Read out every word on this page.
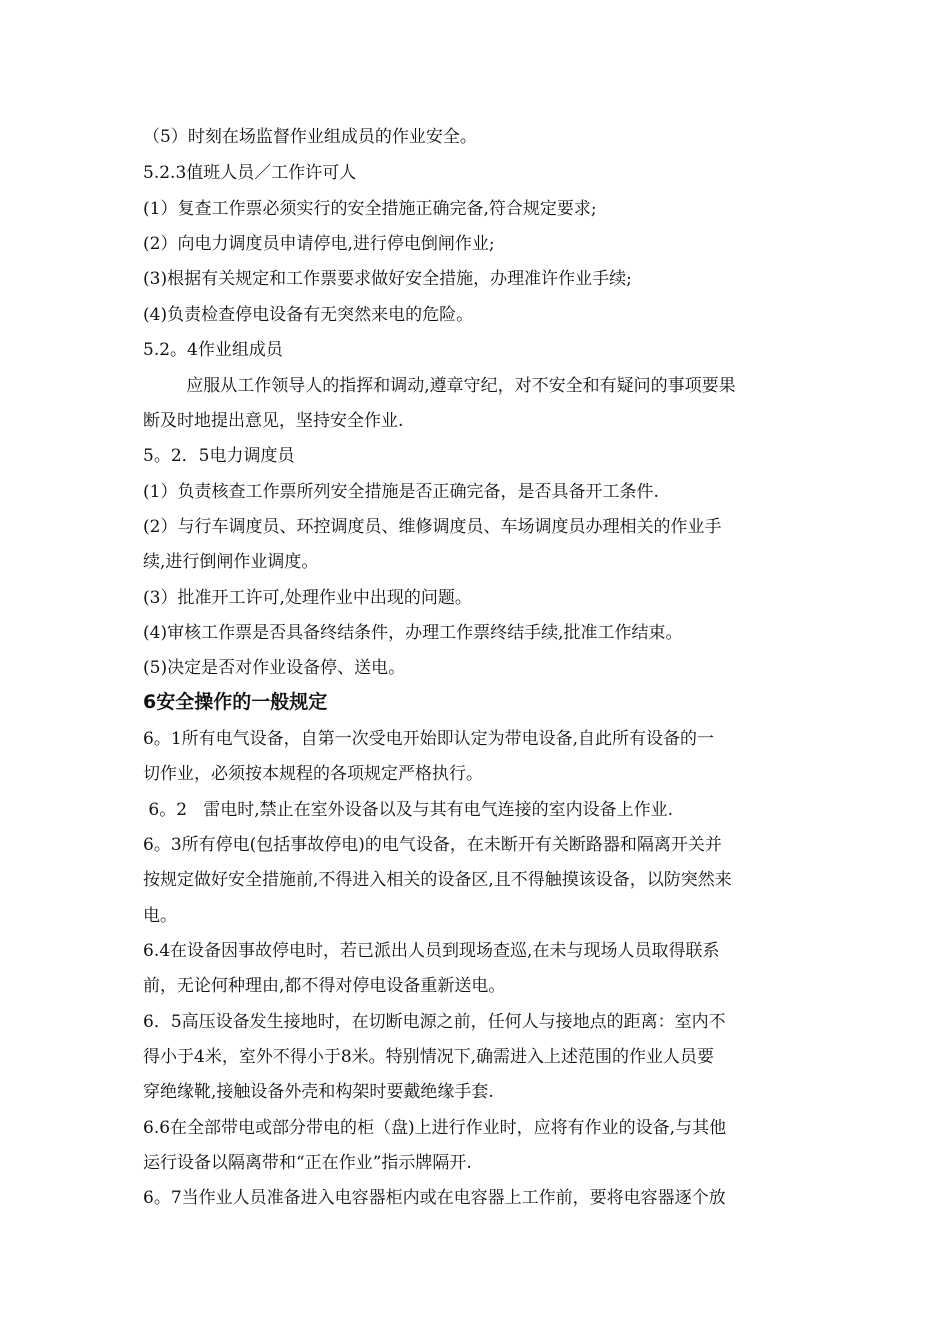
（5）时刻在场监督作业组成员的作业安全。
5.2.3值班人员／工作许可人
(1）复查工作票必须实行的安全措施正确完备,符合规定要求;
(2）向电力调度员申请停电,进行停电倒闸作业;
(3)根据有关规定和工作票要求做好安全措施，办理准许作业手续;
(4)负责检查停电设备有无突然来电的危险。
5.2。4作业组成员
应服从工作领导人的指挥和调动,遵章守纪，对不安全和有疑问的事项要果
断及时地提出意见，坚持安全作业.
5。2．5电力调度员
(1）负责核查工作票所列安全措施是否正确完备，是否具备开工条件.
(2）与行车调度员、环控调度员、维修调度员、车场调度员办理相关的作业手
续,进行倒闸作业调度。
(3）批准开工许可,处理作业中出现的问题。
(4)审核工作票是否具备终结条件，办理工作票终结手续,批准工作结束。
(5)决定是否对作业设备停、送电。
6安全操作的一般规定
6。1所有电气设备，自第一次受电开始即认定为带电设备,自此所有设备的一
切作业，必须按本规程的各项规定严格执行。
6。2   雷电时,禁止在室外设备以及与其有电气连接的室内设备上作业.
6。3所有停电(包括事故停电)的电气设备，在未断开有关断路器和隔离开关并
按规定做好安全措施前,不得进入相关的设备区,且不得触摸该设备，以防突然来
电。
6.4在设备因事故停电时，若已派出人员到现场查巡,在未与现场人员取得联系
前，无论何种理由,都不得对停电设备重新送电。
6．5高压设备发生接地时，在切断电源之前，任何人与接地点的距离：室内不
得小于4米，室外不得小于8米。特别情况下,确需进入上述范围的作业人员要
穿绝缘靴,接触设备外壳和构架时要戴绝缘手套.
6.6在全部带电或部分带电的柜（盘)上进行作业时，应将有作业的设备,与其他
运行设备以隔离带和“正在作业”指示牌隔开.
6。7当作业人员准备进入电容器柜内或在电容器上工作前，要将电容器逐个放
